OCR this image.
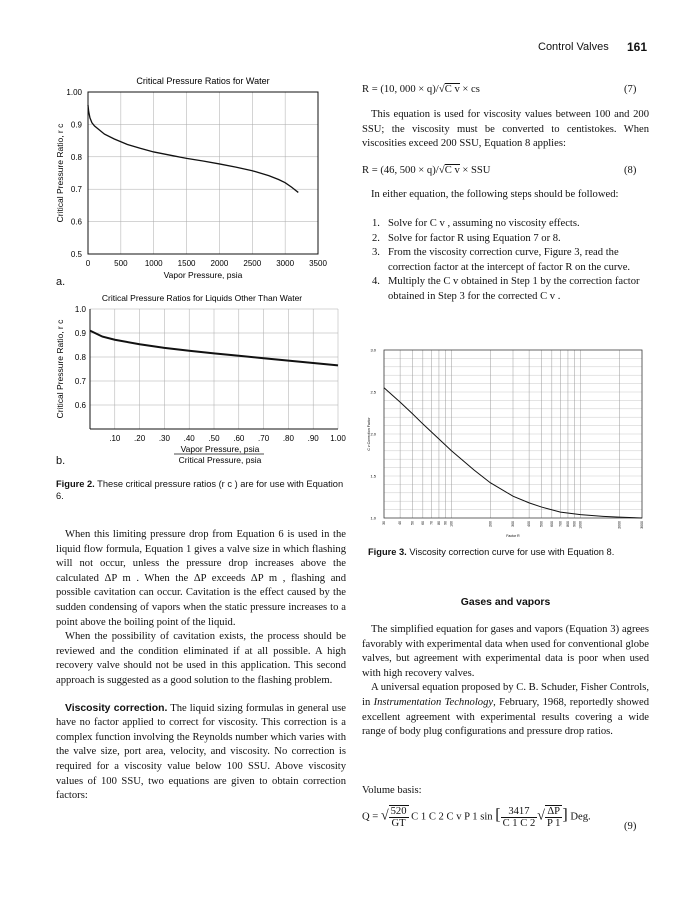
Control Valves 161
Critical Pressure Ratios for Water
0	500 1000 1500 2000 2500 3000 3500
0.5
0.6
0.7
0.8
0.9
1.00
Vapor Pressure, psia
Critical Pressure Ratio, r c
a.
Critical Pressure Ratios for Liquids Other Than Water
.10 .20 .30 .40 .50 .60 .70 .80 .90 1.00
0.6
0.7
0.8
0.9
1.0
Vapor Pressure, psia
Critical Pressure, psia
Critical Pressure Ratio, r c
b.
Figure 2. These critical pressure ratios (r c ) are for use with Equation 6.

When this limiting pressure drop from Equation 6 is used in the liquid flow formula, Equation 1 gives a valve size in which flashing will not occur, unless the pressure drop increases above the calculated ΔP m . When the ΔP exceeds ΔP m , flashing and possible cavitation can occur. Cavitation is the effect caused by the sudden condensing of vapors when the static pressure increases to a point above the boiling point of the liquid.

When the possibility of cavitation exists, the process should be reviewed and the condition eliminated if at all possible. A high recovery valve should not be used in this application. This second approach is suggested as a good solution to the flashing problem.

Viscosity correction. The liquid sizing formulas in general use have no factor applied to correct for viscosity. This correction is a complex function involving the Reynolds number which varies with the valve size, port area, velocity, and viscosity. No correction is required for a viscosity value below 100 SSU. Above viscosity values of 100 SSU, two equations are given to obtain correction factors:

R = (10, 000 × q)/√C v × cs	(7)

This equation is used for viscosity values between 100 and 200 SSU; the viscosity must be converted to centistokes. When viscosities exceed 200 SSU, Equation 8 applies:

R = (46, 500 × q)/√C v × SSU	(8)

In either equation, the following steps should be followed:

1. Solve for C v , assuming no viscosity effects.
2. Solve for factor R using Equation 7 or 8.
3. From the viscosity correction curve, Figure 3, read the correction factor at the intercept of factor R on the curve.
4. Multiply the C v obtained in Step 1 by the correction factor obtained in Step 3 for the corrected C v .
30	40 50 60 70 80 90 100	200	300	400 500 600 700 800 900 1000	2000	3000
1.0
1.5
2.0
2.5
3.0
Factor R
C v Correction Factor
Figure 3. Viscosity correction curve for use with Equation 8.
Gases and vapors

The simplified equation for gases and vapors (Equation 3) agrees favorably with experimental data when used for conventional globe valves, but agreement with experimental data is poor when used with high recovery valves.

A universal equation proposed by C. B. Schuder, Fisher Controls, in Instrumentation Technology, February, 1968, reportedly showed excellent agreement with experimental results covering a wide range of body plug configurations and pressure drop ratios.

Volume basis:
Q = √ $\frac{520}{GT}$ C 1 C 2 C v P 1 sin [ $\frac{3417}{C 1 C 2}$ √ $\frac{\Delta P}{P 1}$ ] Deg.
(9)
